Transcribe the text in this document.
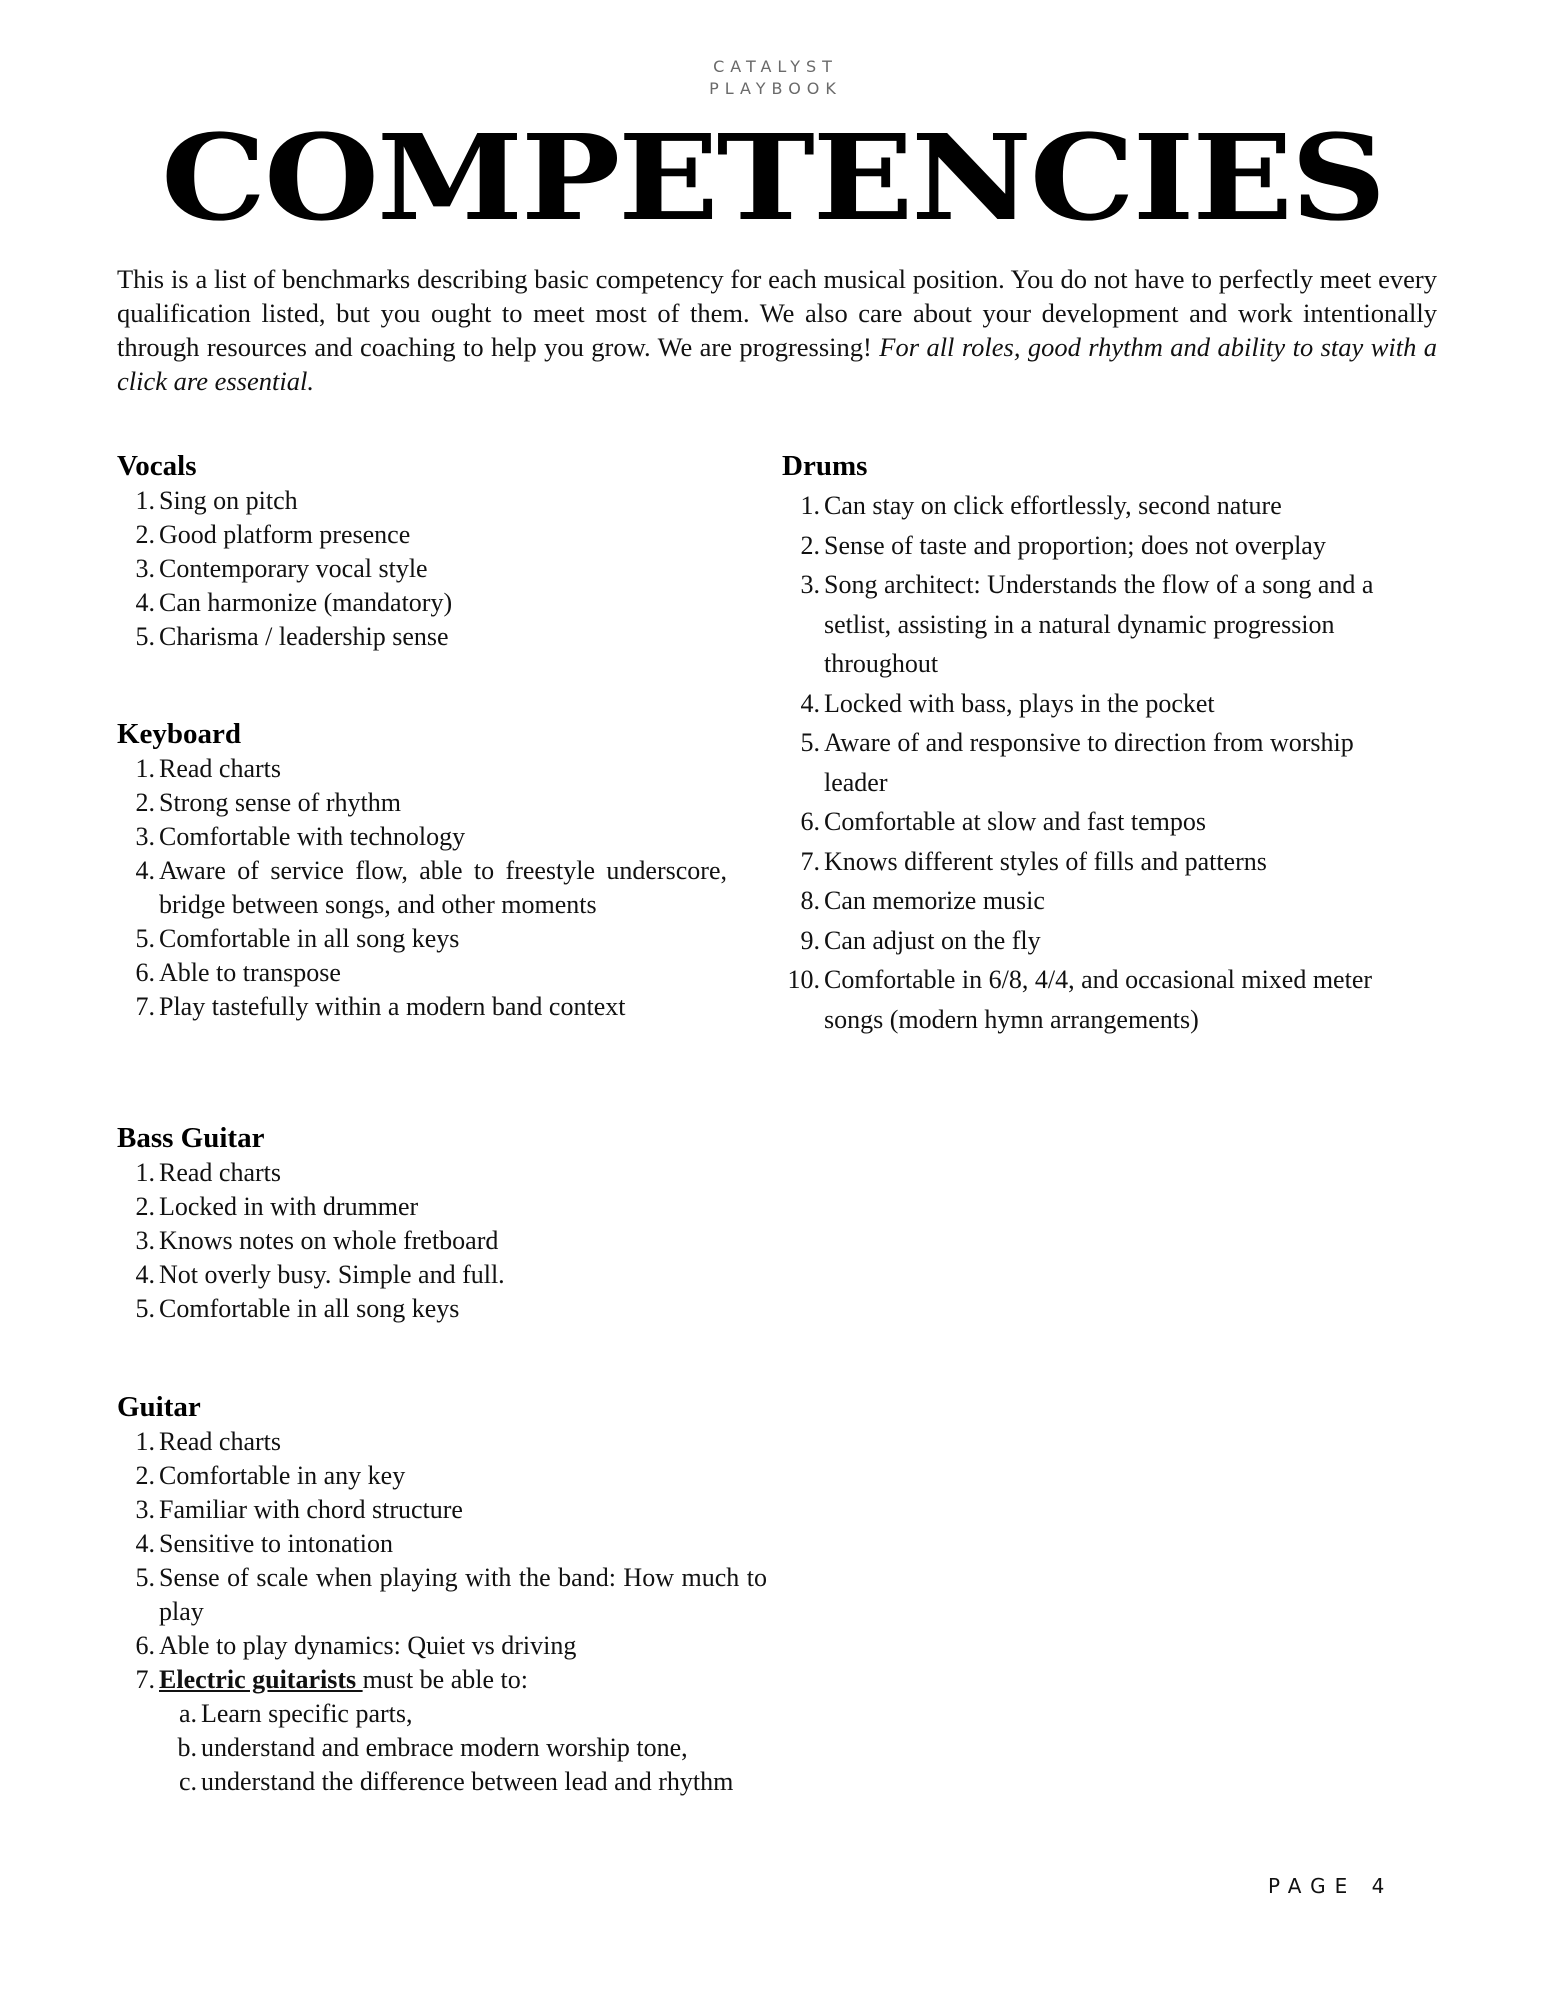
CATALYST
PLAYBOOK
COMPETENCIES

This is a list of benchmarks describing basic competency for each musical position. You do not have to perfectly meet every qualification listed, but you ought to meet most of them. We also care about your development and work intentionally through resources and coaching to help you grow. We are progressing! For all roles, good rhythm and ability to stay with a click are essential.

Vocals
1. Sing on pitch
2. Good platform presence
3. Contemporary vocal style
4. Can harmonize (mandatory)
5. Charisma / leadership sense
Keyboard
1. Read charts
2. Strong sense of rhythm
3. Comfortable with technology
4. Aware of service flow, able to freestyle underscore, bridge between songs, and other moments
5. Comfortable in all song keys
6. Able to transpose
7. Play tastefully within a modern band context
Bass Guitar
1. Read charts
2. Locked in with drummer
3. Knows notes on whole fretboard
4. Not overly busy. Simple and full.
5. Comfortable in all song keys
Guitar
1. Read charts
2. Comfortable in any key
3. Familiar with chord structure
4. Sensitive to intonation
5. Sense of scale when playing with the band: How much to play
6. Able to play dynamics: Quiet vs driving
7. Electric guitarists must be able to:
a. Learn specific parts,
b. understand and embrace modern worship tone,
c. understand the difference between lead and rhythm
Drums
1. Can stay on click effortlessly, second nature
2. Sense of taste and proportion; does not overplay
3. Song architect: Understands the flow of a song and a setlist, assisting in a natural dynamic progression throughout
4. Locked with bass, plays in the pocket
5. Aware of and responsive to direction from worship leader
6. Comfortable at slow and fast tempos
7. Knows different styles of fills and patterns
8. Can memorize music
9. Can adjust on the fly
10. Comfortable in 6/8, 4/4, and occasional mixed meter songs (modern hymn arrangements)
PAGE 4
